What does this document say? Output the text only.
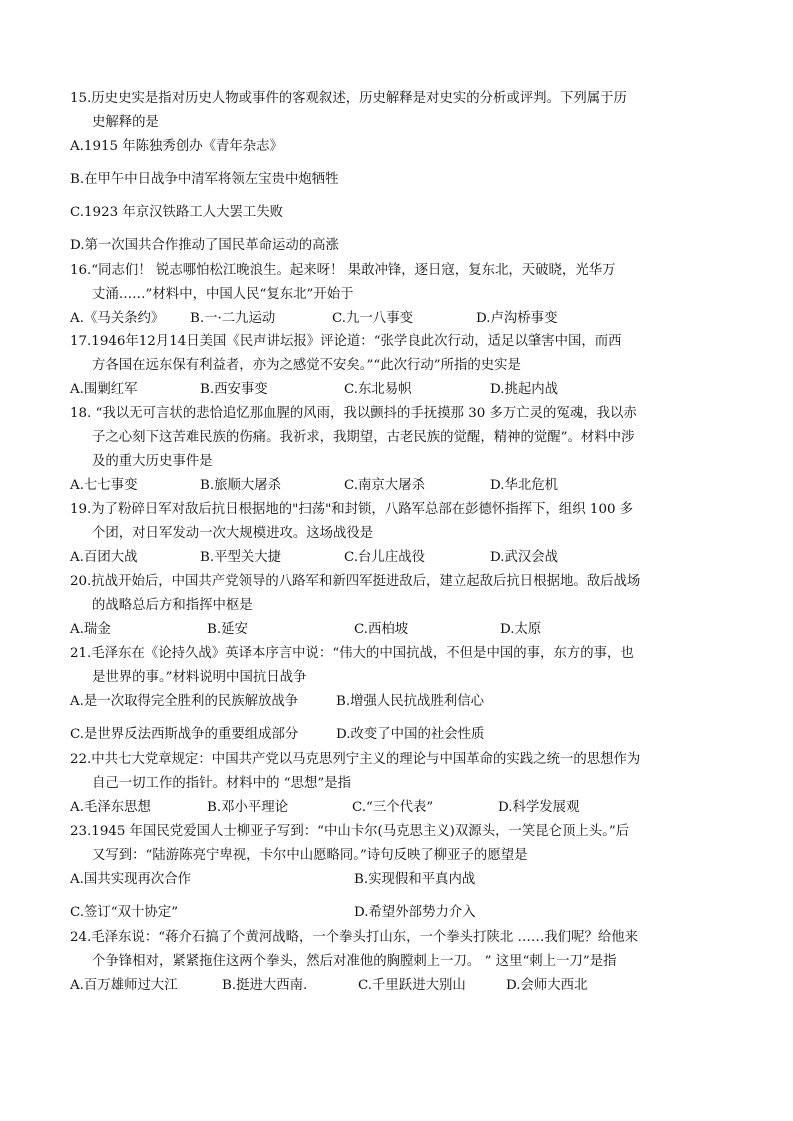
15.历史史实是指对历史人物或事件的客观叙述，历史解释是对史实的分析或评判。下列属于历
史解释的是
A.1915 年陈独秀创办《青年杂志》
B.在甲午中日战争中清军将领左宝贵中炮牺牲
C.1923 年京汉铁路工人大罢工失败
D.第一次国共合作推动了国民革命运动的高涨
16.“同志们！ 锐志哪怕松江晚浪生。起来呀！ 果敢冲锋，逐日寇，复东北，天破晓，光华万
丈涌……”材料中，中国人民“复东北”开始于
A.《马关条约》 B.一·二九运动	C.九一八事变	D.卢沟桥事变
17.1946年12月14日美国《民声讲坛报》评论道：“张学良此次行动，适足以肇害中国，而西
方各国在远东保有利益者，亦为之感觉不安矣。”“此次行动”所指的史实是
A.围剿红军	B.西安事变	C.东北易帜	D.挑起内战
18. “我以无可言状的悲恰追忆那血腥的风雨，我以颤抖的手抚摸那 30 多万亡灵的冤魂，我以赤
子之心刻下这苦难民族的伤痛。我祈求，我期望，古老民族的觉醒，精神的觉醒”。材料中涉
及的重大历史事件是
A.七七事变	B.旅顺大屠杀	C.南京大屠杀	D.华北危机
19.为了粉碎日军对敌后抗日根据地的"扫荡"和封锁，八路军总部在彭德怀指挥下，组织 100 多
个团，对日军发动一次大规模进攻。这场战役是
A.百团大战	B.平型关大捷	C.台儿庄战役	D.武汉会战
20.抗战开始后，中国共产党领导的八路军和新四军挺进敌后，建立起敌后抗日根据地。敌后战场
的战略总后方和指挥中枢是
A.瑞金	B.延安	C.西柏坡	D.太原
21.毛泽东在《论持久战》英译本序言中说：“伟大的中国抗战，不但是中国的事，东方的事，也
是世界的事。”材料说明中国抗日战争
A.是一次取得完全胜利的民族解放战争	B.增强人民抗战胜利信心
C.是世界反法西斯战争的重要组成部分	D.改变了中国的社会性质
22.中共七大党章规定：中国共产党以马克思列宁主义的理论与中国革命的实践之统一的思想作为
自己一切工作的指针。材料中的 “思想”是指
A.毛泽东思想	B.邓小平理论	C.“三个代表”	D.科学发展观
23.1945 年国民党爱国人士柳亚子写到：“中山卡尔(马克思主义)双源头，一笑昆仑顶上头。”后
又写到：“陆游陈亮宁卑视，卡尔中山愿略同。”诗句反映了柳亚子的愿望是
A.国共实现再次合作	B.实现假和平真内战
C.签订“双十协定”	D.希望外部势力介入
24.毛泽东说：“蒋介石搞了个黄河战略，一个拳头打山东，一个拳头打陕北 ……我们呢？给他来
个争锋相对，紧紧拖住这两个拳头，然后对准他的胸膛刺上一刀。 ” 这里“刺上一刀”是指
A.百万雄师过大江	B.挺进大西南.	C.千里跃进大别山	D.会师大西北
